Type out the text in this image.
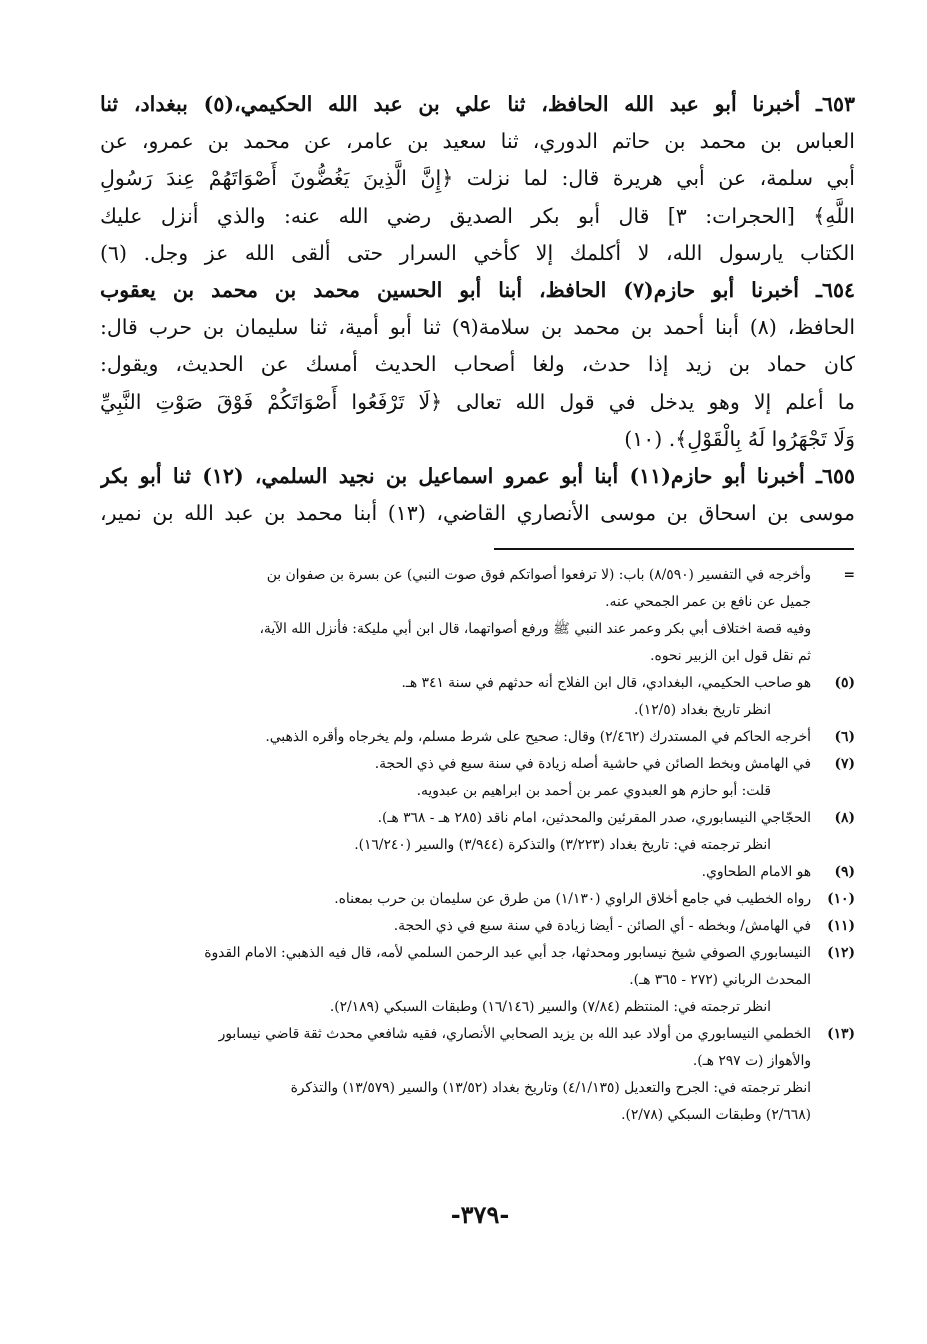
٦٥٣ـ أخبرنا أبو عبد الله الحافظ، ثنا علي بن عبد الله الحكيمي،(٥) ببغداد، ثنا
العباس بن محمد بن حاتم الدوري، ثنا سعيد بن عامر، عن محمد بن عمرو، عن
أبي سلمة، عن أبي هريرة قال: لما نزلت ﴿إِنَّ الَّذِينَ يَغُضُّونَ أَصْوَاتَهُمْ عِندَ رَسُولِ
اللَّهِ﴾ [الحجرات: ٣] قال أبو بكر الصديق رضي الله عنه: والذي أنزل عليك
الكتاب يارسول الله، لا أكلمك إلا كأخي السرار حتى ألقى الله عز وجل. (٦)
٦٥٤ـ أخبرنا أبو حازم(٧) الحافظ، أبنا أبو الحسين محمد بن محمد بن يعقوب
الحافظ، (٨) أبنا أحمد بن محمد بن سلامة(٩) ثنا أبو أمية، ثنا سليمان بن حرب قال:
كان حماد بن زيد إذا حدث، ولغا أصحاب الحديث أمسك عن الحديث، ويقول:
ما أعلم إلا وهو يدخل في قول الله تعالى ﴿لَا تَرْفَعُوا أَصْوَاتَكُمْ فَوْقَ صَوْتِ النَّبِيِّ
وَلَا تَجْهَرُوا لَهُ بِالْقَوْلِ﴾. (١٠)
٦٥٥ـ أخبرنا أبو حازم(١١) أبنا أبو عمرو اسماعيل بن نجيد السلمي، (١٢) ثنا أبو بكر
موسى بن اسحاق بن موسى الأنصاري القاضي، (١٣) أبنا محمد بن عبد الله بن نمير،
=
وأخرجه في التفسير (٨/٥٩٠) باب: (لا ترفعوا أصواتكم فوق صوت النبي) عن بسرة بن صفوان بن
جميل عن نافع بن عمر الجمحي عنه.
وفيه قصة اختلاف أبي بكر وعمر عند النبي ﷺ ورفع أصواتهما، قال ابن أبي مليكة: فأنزل الله الآية،
ثم نقل قول ابن الزبير نحوه.
(٥)
هو صاحب الحكيمي، البغدادي، قال ابن الفلاج أنه حدثهم في سنة ٣٤١ هـ.
انظر تاريخ بغداد (١٢/٥).
(٦)
أخرجه الحاكم في المستدرك (٢/٤٦٢) وقال: صحيح على شرط مسلم، ولم يخرجاه وأقره الذهبي.
(٧)
في الهامش وبخط الصائن في حاشية أصله زيادة في سنة سبع في ذي الحجة.
قلت: أبو حازم هو العبدوي عمر بن أحمد بن ابراهيم بن عبدويه.
(٨)
الحجّاجي النيسابوري، صدر المقرئين والمحدثين، امام ناقد (٢٨٥ هـ - ٣٦٨ هـ).
انظر ترجمته في: تاريخ بغداد (٣/٢٢٣) والتذكرة (٣/٩٤٤) والسير (١٦/٢٤٠).
(٩)
هو الامام الطحاوي.
(١٠)
رواه الخطيب في جامع أخلاق الراوي (١/١٣٠) من طرق عن سليمان بن حرب بمعناه.
(١١)
في الهامش/ وبخطه - أي الصائن - أيضا زيادة في سنة سبع في ذي الحجة.
(١٢)
النيسابوري الصوفي شيخ نيسابور ومحدثها، جد أبي عبد الرحمن السلمي لأمه، قال فيه الذهبي: الامام القدوة
المحدث الرباني (٢٧٢ - ٣٦٥ هـ).
انظر ترجمته في: المنتظم (٧/٨٤) والسير (١٦/١٤٦) وطبقات السبكي (٢/١٨٩).
(١٣)
الخطمي النيسابوري من أولاد عبد الله بن يزيد الصحابي الأنصاري، فقيه شافعي محدث ثقة قاضي نيسابور
والأهواز (ت ٢٩٧ هـ).
انظر ترجمته في: الجرح والتعديل (٤/١/١٣٥) وتاريخ بغداد (١٣/٥٢) والسير (١٣/٥٧٩) والتذكرة
(٢/٦٦٨) وطبقات السبكي (٢/٧٨).
-٣٧٩-
